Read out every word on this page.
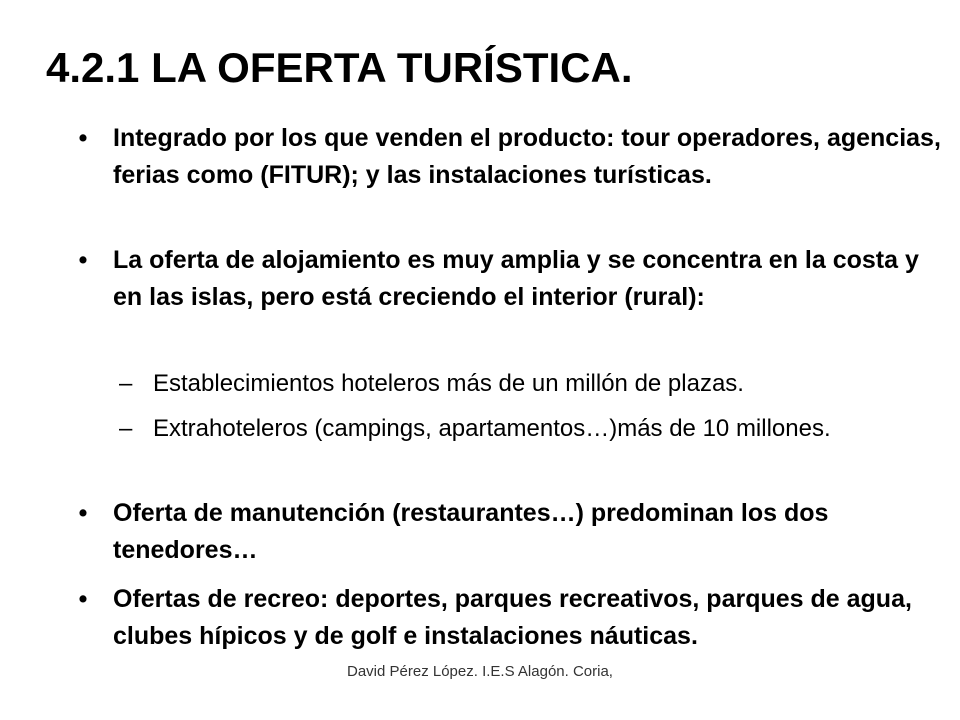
4.2.1 LA OFERTA TURÍSTICA.
• Integrado por los que venden el producto: tour operadores, agencias, ferias como (FITUR); y las instalaciones turísticas.
• La oferta de alojamiento es muy amplia y se concentra en la costa y en las islas, pero está creciendo el interior (rural):
– Establecimientos hoteleros más de un millón de plazas.
– Extrahoteleros (campings, apartamentos…)más de 10 millones.
• Oferta de manutención (restaurantes…) predominan los dos tenedores…
• Ofertas de recreo: deportes, parques recreativos, parques de agua, clubes hípicos y de golf e instalaciones náuticas.
David Pérez López. I.E.S Alagón. Coria,
